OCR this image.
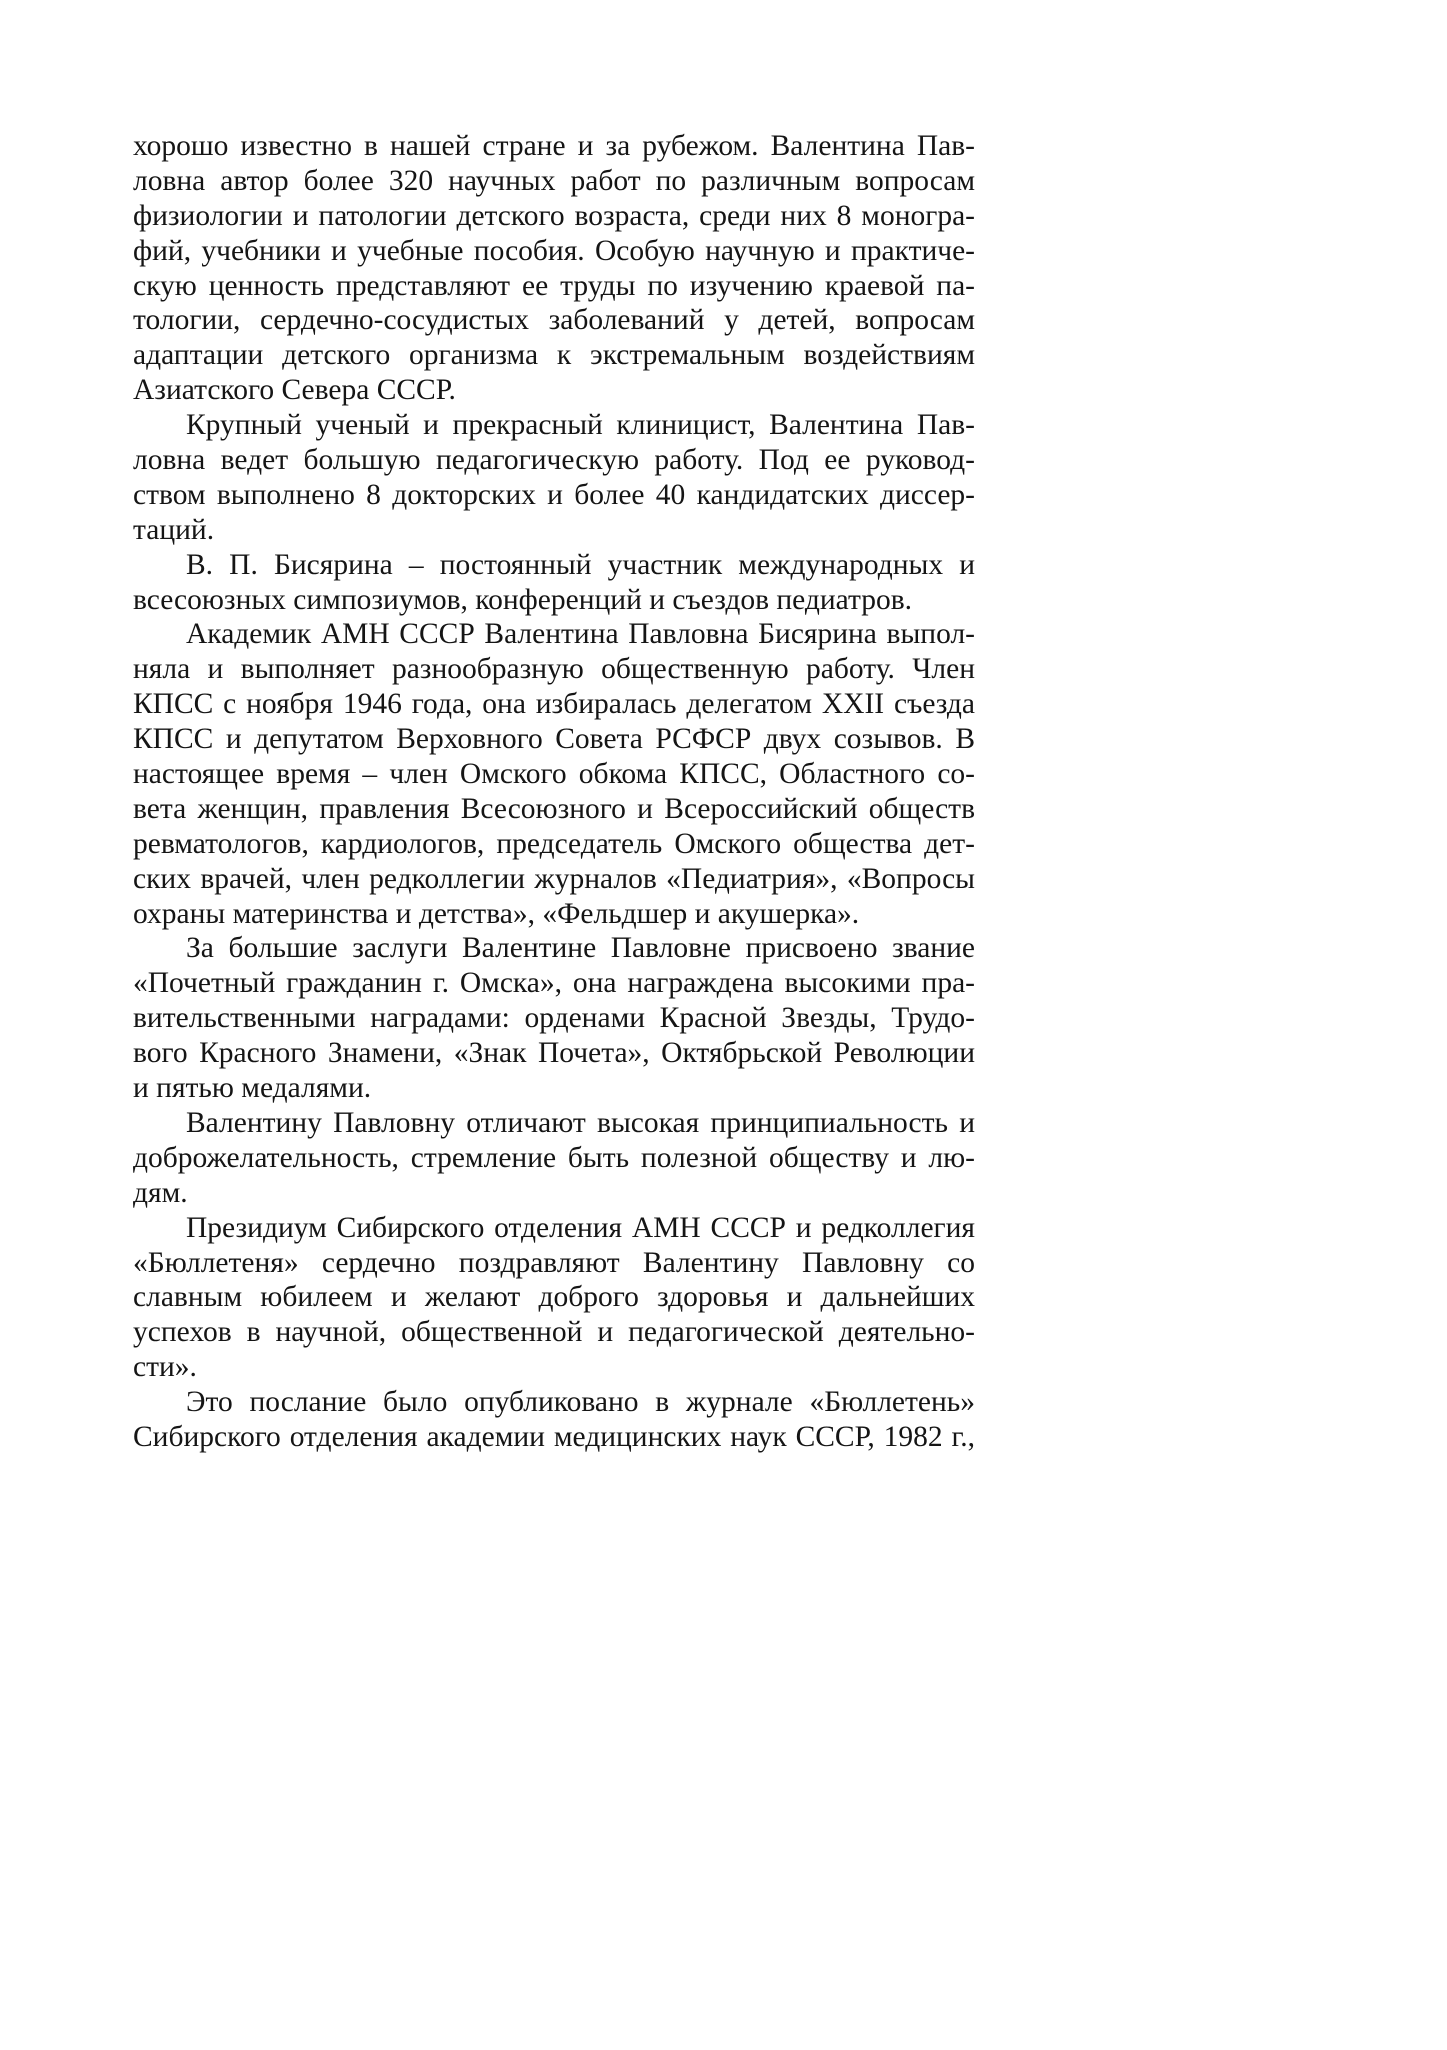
хорошо известно в нашей стране и за рубежом. Валентина Пав-
ловна автор более 320 научных работ по различным вопросам
физиологии и патологии детского возраста, среди них 8 моногра-
фий, учебники и учебные пособия. Особую научную и практиче-
скую ценность представляют ее труды по изучению краевой па-
тологии, сердечно-сосудистых заболеваний у детей, вопросам
адаптации детского организма к экстремальным воздействиям
Азиатского Севера СССР.
Крупный ученый и прекрасный клиницист, Валентина Пав-
ловна ведет большую педагогическую работу. Под ее руковод-
ством выполнено 8 докторских и более 40 кандидатских диссер-
таций.
В. П. Бисярина – постоянный участник международных и
всесоюзных симпозиумов, конференций и съездов педиатров.
Академик АМН СССР Валентина Павловна Бисярина выпол-
няла и выполняет разнообразную общественную работу. Член
КПСС с ноября 1946 года, она избиралась делегатом XXII съезда
КПСС и депутатом Верховного Совета РСФСР двух созывов. В
настоящее время – член Омского обкома КПСС, Областного со-
вета женщин, правления Всесоюзного и Всероссийский обществ
ревматологов, кардиологов, председатель Омского общества дет-
ских врачей, член редколлегии журналов «Педиатрия», «Вопросы
охраны материнства и детства», «Фельдшер и акушерка».
За большие заслуги Валентине Павловне присвоено звание
«Почетный гражданин г. Омска», она награждена высокими пра-
вительственными наградами: орденами Красной Звезды, Трудо-
вого Красного Знамени, «Знак Почета», Октябрьской Революции
и пятью медалями.
Валентину Павловну отличают высокая принципиальность и
доброжелательность, стремление быть полезной обществу и лю-
дям.
Президиум Сибирского отделения АМН СССР и редколлегия
«Бюллетеня» сердечно поздравляют Валентину Павловну со
славным юбилеем и желают доброго здоровья и дальнейших
успехов в научной, общественной и педагогической деятельно-
сти».
Это послание было опубликовано в журнале «Бюллетень»
Сибирского отделения академии медицинских наук СССР, 1982 г.,
